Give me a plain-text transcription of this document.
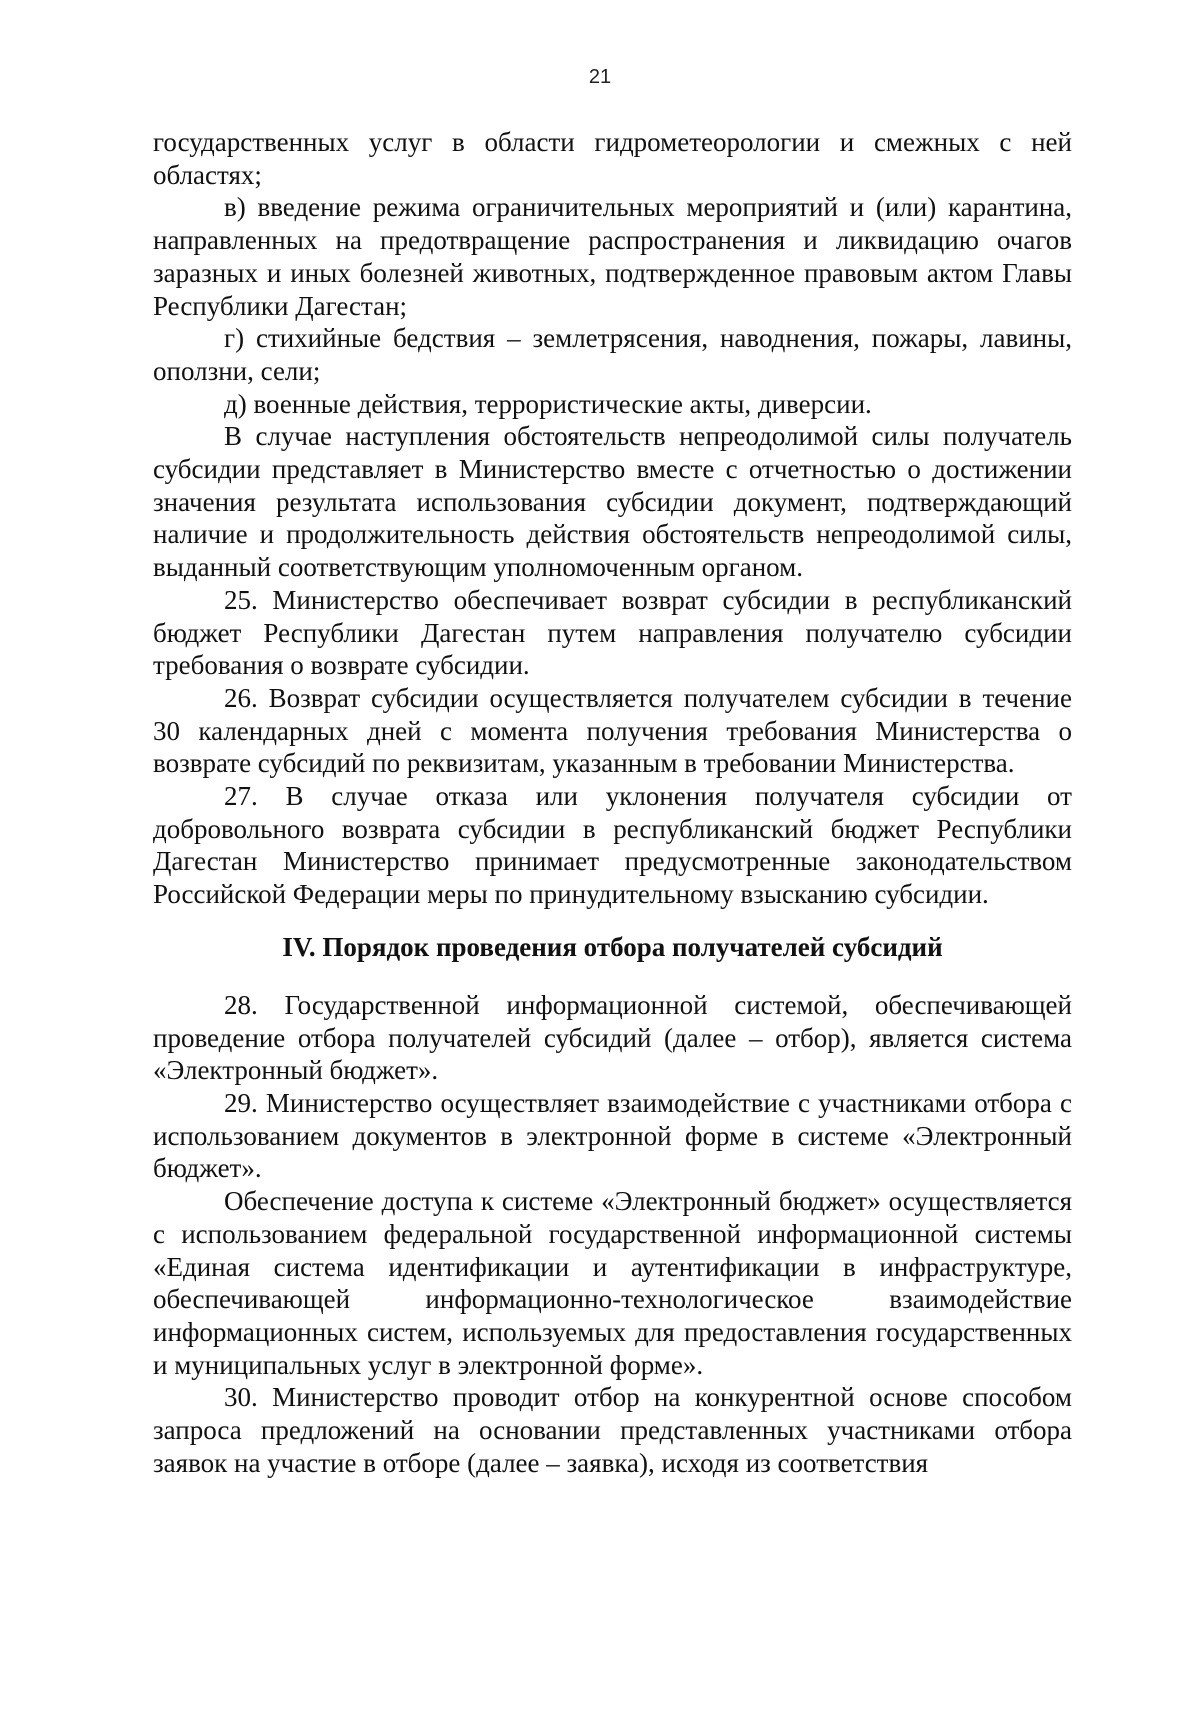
21

государственных услуг в области гидрометеорологии и смежных с ней областях;

в) введение режима ограничительных мероприятий и (или) карантина, направленных на предотвращение распространения и ликвидацию очагов заразных и иных болезней животных, подтвержденное правовым актом Главы Республики Дагестан;

г) стихийные бедствия – землетрясения, наводнения, пожары, лавины, оползни, сели;

д) военные действия, террористические акты, диверсии.

В случае наступления обстоятельств непреодолимой силы получатель субсидии представляет в Министерство вместе с отчетностью о достижении значения результата использования субсидии документ, подтверждающий наличие и продолжительность действия обстоятельств непреодолимой силы, выданный соответствующим уполномоченным органом.

25. Министерство обеспечивает возврат субсидии в республиканский бюджет Республики Дагестан путем направления получателю субсидии требования о возврате субсидии.

26. Возврат субсидии осуществляется получателем субсидии в течение 30 календарных дней с момента получения требования Министерства о возврате субсидий по реквизитам, указанным в требовании Министерства.

27. В случае отказа или уклонения получателя субсидии от добровольного возврата субсидии в республиканский бюджет Республики Дагестан Министерство принимает предусмотренные законодательством Российской Федерации меры по принудительному взысканию субсидии.

IV. Порядок проведения отбора получателей субсидий

28. Государственной информационной системой, обеспечивающей проведение отбора получателей субсидий (далее – отбор), является система «Электронный бюджет».

29. Министерство осуществляет взаимодействие с участниками отбора с использованием документов в электронной форме в системе «Электронный бюджет».

Обеспечение доступа к системе «Электронный бюджет» осуществляется с использованием федеральной государственной информационной системы «Единая система идентификации и аутентификации в инфраструктуре, обеспечивающей информационно-технологическое взаимодействие информационных систем, используемых для предоставления государственных и муниципальных услуг в электронной форме».

30. Министерство проводит отбор на конкурентной основе способом запроса предложений на основании представленных участниками отбора заявок на участие в отборе (далее – заявка), исходя из соответствия
